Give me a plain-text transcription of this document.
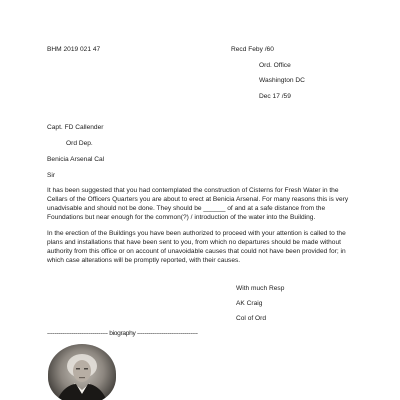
BHM 2019 021 47	Recd Feby /60
Ord. Office
Washington DC
Dec 17 /59
Capt. FD Callender
Ord Dep.
Benicia Arsenal Cal
Sir
It has been suggested that you had contemplated the construction of Cisterns for Fresh Water in the Cellars of the Officers Quarters you are about to erect at Benicia Arsenal. For many reasons this is very unadvisable and should not be done. They should be ______ of and at a safe distance from the Foundations but near enough for the common(?) / introduction of the water into the Building.
In the erection of the Buildings you have been authorized to proceed with your attention is called to the plans and installations that have been sent to you, from which no departures should be made without authority from this office or on account of unavoidable causes that could not have been provided for; in which case alterations will be promptly reported, with their causes.
With much Resp
AK Craig
Col of Ord
-------------------------------- biography --------------------------------
